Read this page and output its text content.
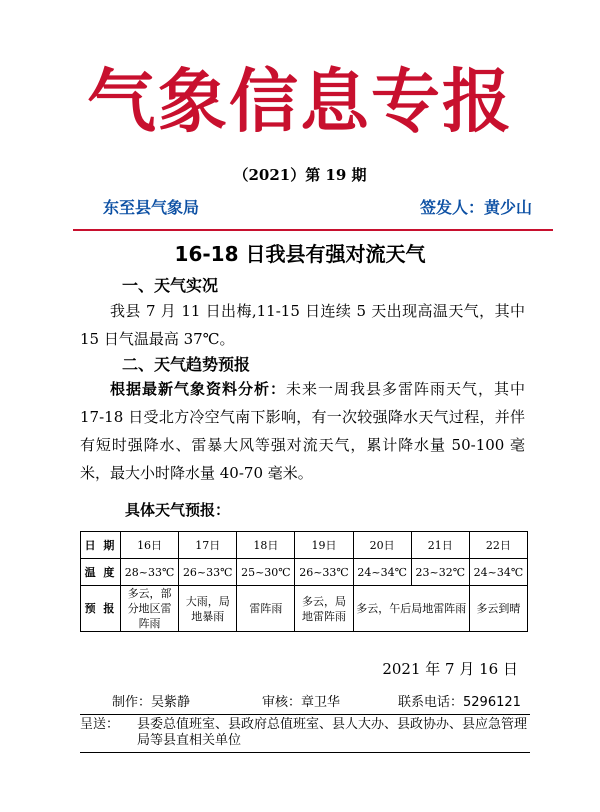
气象信息专报
（2021）第 19 期
东至县气象局	签发人：黄少山
16-18 日我县有强对流天气
一、天气实况
我县 7 月 11 日出梅,11-15 日连续 5 天出现高温天气，其中 15 日气温最高 37℃。
二、天气趋势预报
根据最新气象资料分析：未来一周我县多雷阵雨天气，其中 17-18 日受北方冷空气南下影响，有一次较强降水天气过程，并伴有短时强降水、雷暴大风等强对流天气，累计降水量 50-100 毫米，最大小时降水量 40-70 毫米。
具体天气预报：
日 期	16日	17日	18日	19日	20日	21日	22日
温 度	28~33℃	26~33℃	25~30℃	26~33℃	24~34℃	23~32℃	24~34℃
预 报	多云，部分地区雷阵雨	大雨，局地暴雨	雷阵雨	多云，局地雷阵雨	多云，午后局地雷阵雨		多云到晴
2021 年 7 月 16 日
制作：吴紫静	审核：章卫华	联系电话：5296121
呈送： 县委总值班室、县政府总值班室、县人大办、县政协办、县应急管理局等县直相关单位
